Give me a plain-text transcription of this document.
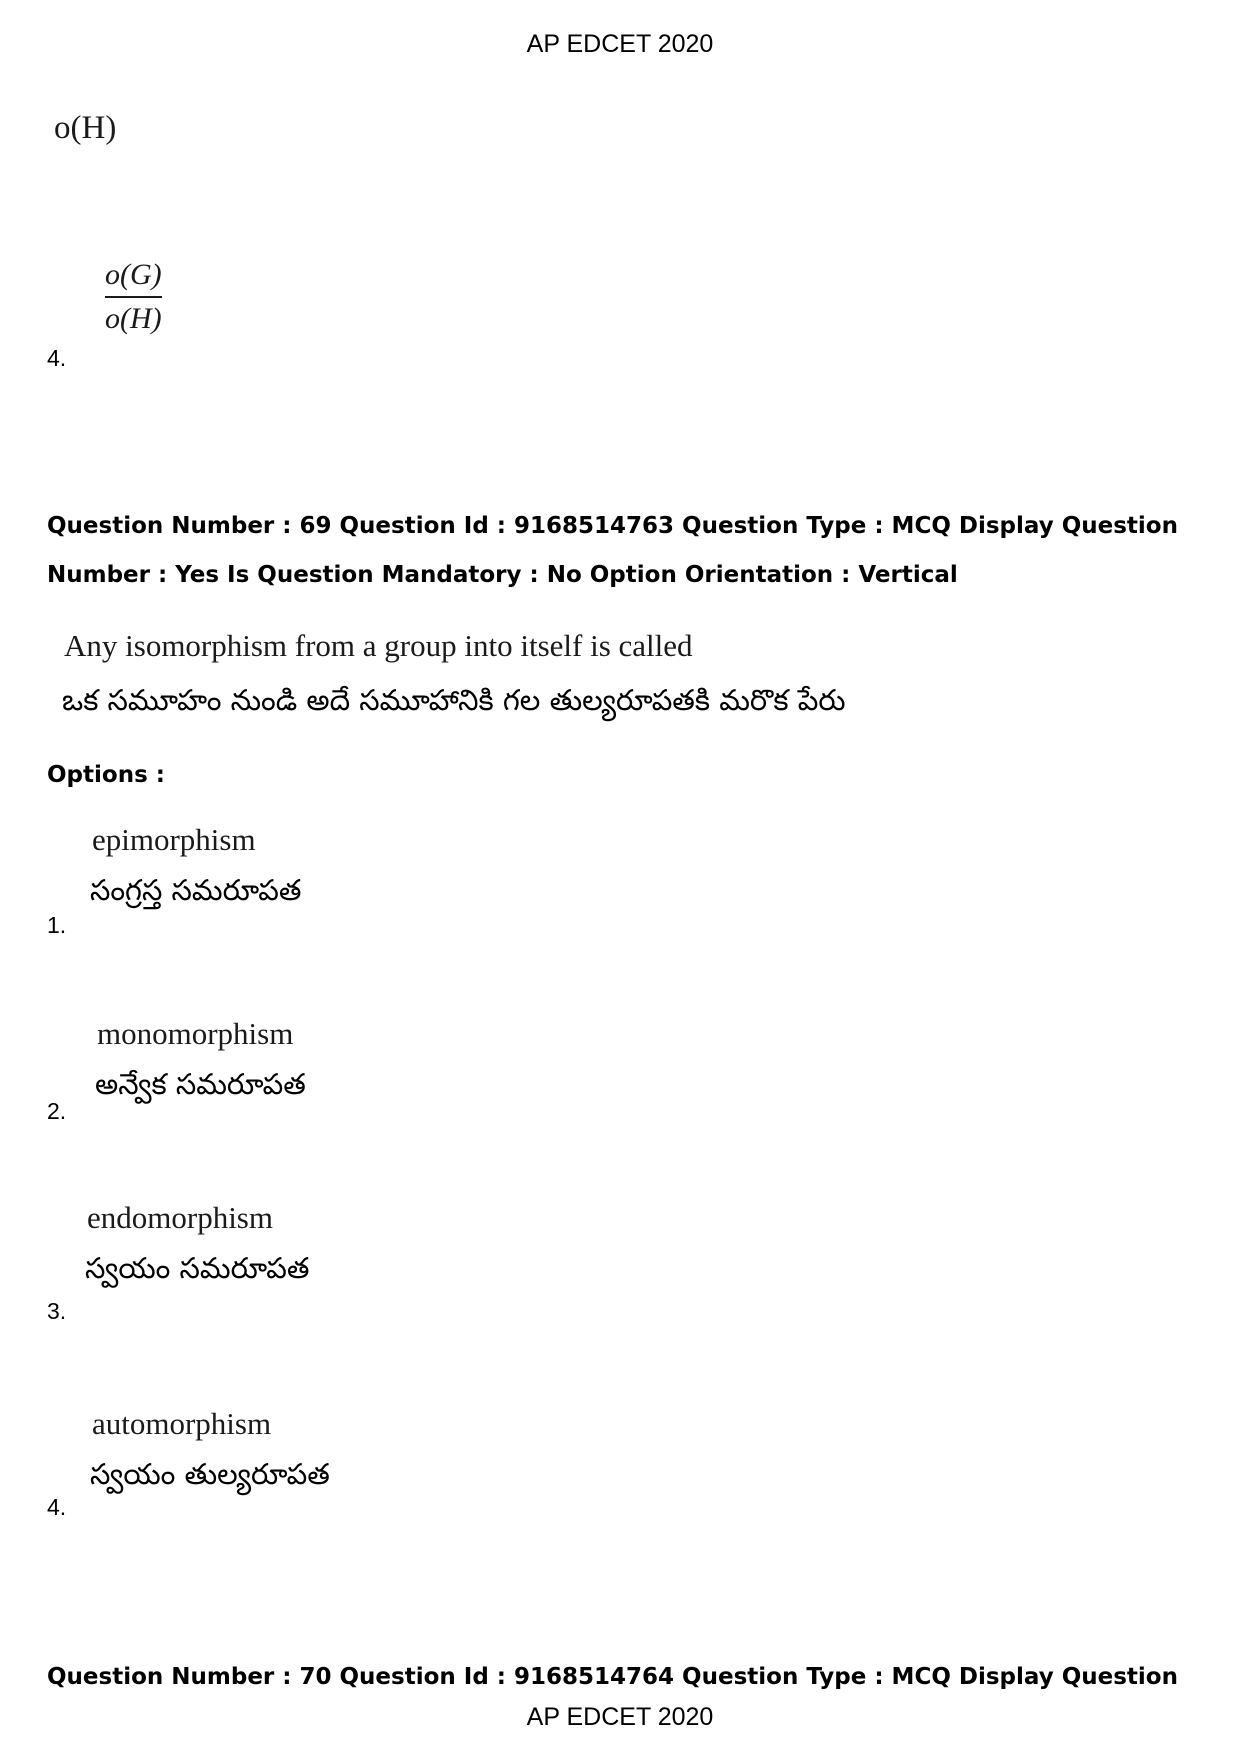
AP EDCET 2020
o(H)
$\frac{o(G)}{o(H)}$
4.
Question Number : 69 Question Id : 9168514763 Question Type : MCQ Display Question Number : Yes Is Question Mandatory : No Option Orientation : Vertical
Any isomorphism from a group into itself is called
ఒక సమూహం నుండి అదే సమూహానికి గల తుల్యరూపతకి మరొక పేరు
Options :
epimorphism
సంగ్రస్త సమరూపత
1.
monomorphism
అన్వేక సమరూపత
2.
endomorphism
స్వయం సమరూపత
3.
automorphism
స్వయం తుల్యరూపత
4.
Question Number : 70 Question Id : 9168514764 Question Type : MCQ Display Question
AP EDCET 2020
